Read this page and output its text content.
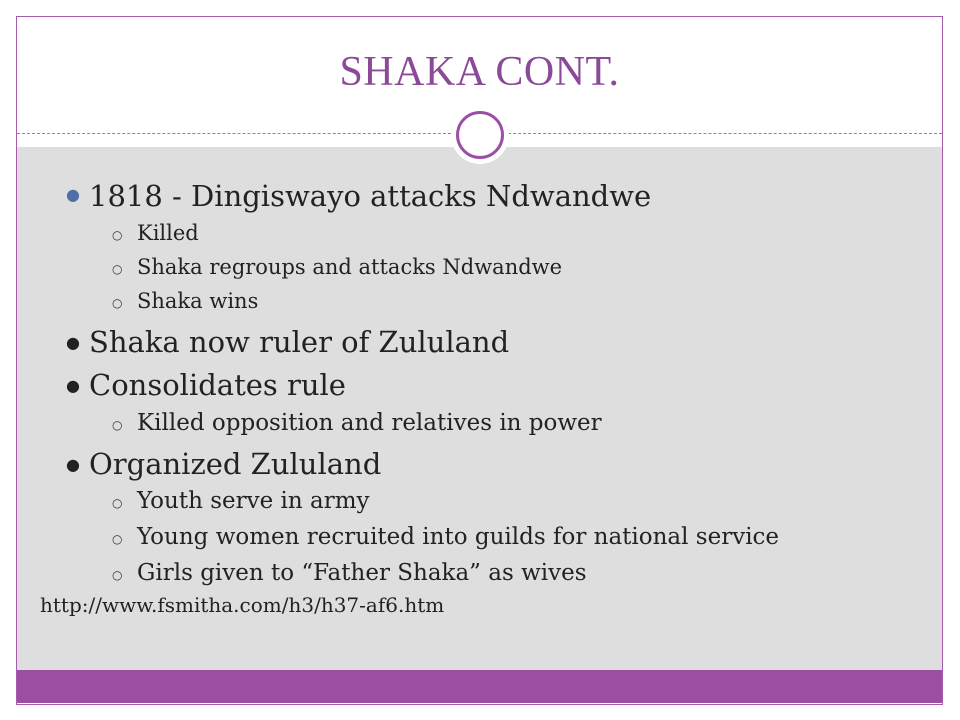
SHAKA CONT.
● 1818 - Dingiswayo attacks Ndwandwe
○ Killed
○ Shaka regroups and attacks Ndwandwe
○ Shaka wins
● Shaka now ruler of Zululand
● Consolidates rule
○ Killed opposition and relatives in power
● Organized Zululand
○ Youth serve in army
○ Young women recruited into guilds for national service
○ Girls given to “Father Shaka” as wives
http://www.fsmitha.com/h3/h37-af6.htm
